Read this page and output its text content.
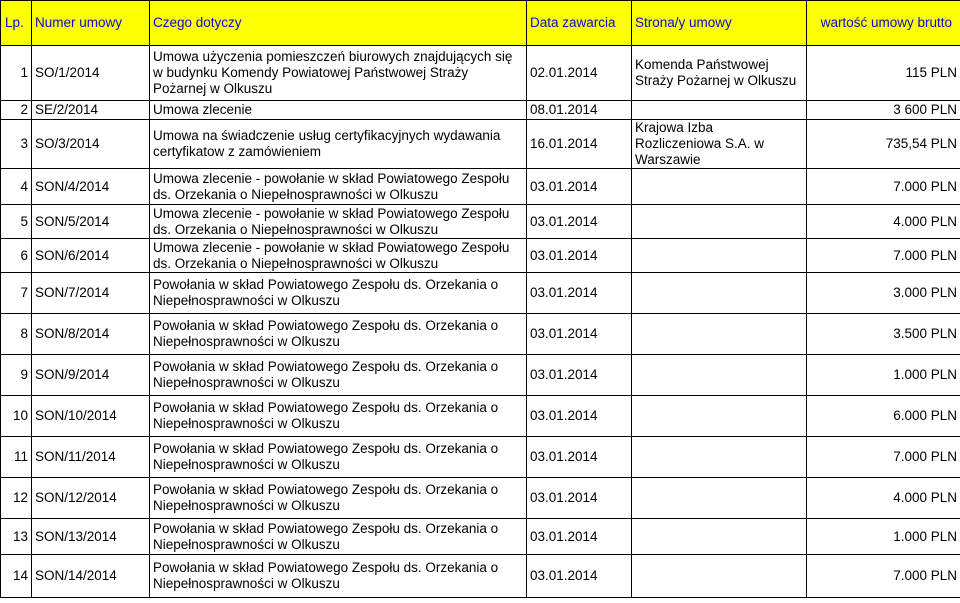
Lp.	Numer umowy	Czego dotyczy	Data zawarcia	Strona/y umowy	wartość umowy brutto
1	SO/1/2014	Umowa użyczenia pomieszczeń biurowych znajdujących się w budynku Komendy Powiatowej Państwowej Straży Pożarnej w Olkuszu	02.01.2014	Komenda Państwowej Straży Pożarnej w Olkuszu	115 PLN
2	SE/2/2014	Umowa zlecenie	08.01.2014		3 600 PLN
3	SO/3/2014	Umowa na świadczenie usług certyfikacyjnych wydawania certyfikatow z zamówieniem	16.01.2014	Krajowa Izba Rozliczeniowa S.A. w Warszawie	735,54 PLN
4	SON/4/2014	Umowa zlecenie - powołanie w skład Powiatowego Zespołu ds. Orzekania o Niepełnosprawności w Olkuszu	03.01.2014		7.000 PLN
5	SON/5/2014	Umowa zlecenie - powołanie w skład Powiatowego Zespołu ds. Orzekania o Niepełnosprawności w Olkuszu	03.01.2014		4.000 PLN
6	SON/6/2014	Umowa zlecenie - powołanie w skład Powiatowego Zespołu ds. Orzekania o Niepełnosprawności w Olkuszu	03.01.2014		7.000 PLN
7	SON/7/2014	Powołania w skład Powiatowego Zespołu ds. Orzekania o Niepełnosprawności w Olkuszu	03.01.2014		3.000 PLN
8	SON/8/2014	Powołania w skład Powiatowego Zespołu ds. Orzekania o Niepełnosprawności w Olkuszu	03.01.2014		3.500 PLN
9	SON/9/2014	Powołania w skład Powiatowego Zespołu ds. Orzekania o Niepełnosprawności w Olkuszu	03.01.2014		1.000 PLN
10	SON/10/2014	Powołania w skład Powiatowego Zespołu ds. Orzekania o Niepełnosprawności w Olkuszu	03.01.2014		6.000 PLN
11	SON/11/2014	Powołania w skład Powiatowego Zespołu ds. Orzekania o Niepełnosprawności w Olkuszu	03.01.2014		7.000 PLN
12	SON/12/2014	Powołania w skład Powiatowego Zespołu ds. Orzekania o Niepełnosprawności w Olkuszu	03.01.2014		4.000 PLN
13	SON/13/2014	Powołania w skład Powiatowego Zespołu ds. Orzekania o Niepełnosprawności w Olkuszu	03.01.2014		1.000 PLN
14	SON/14/2014	Powołania w skład Powiatowego Zespołu ds. Orzekania o Niepełnosprawności w Olkuszu	03.01.2014		7.000 PLN
